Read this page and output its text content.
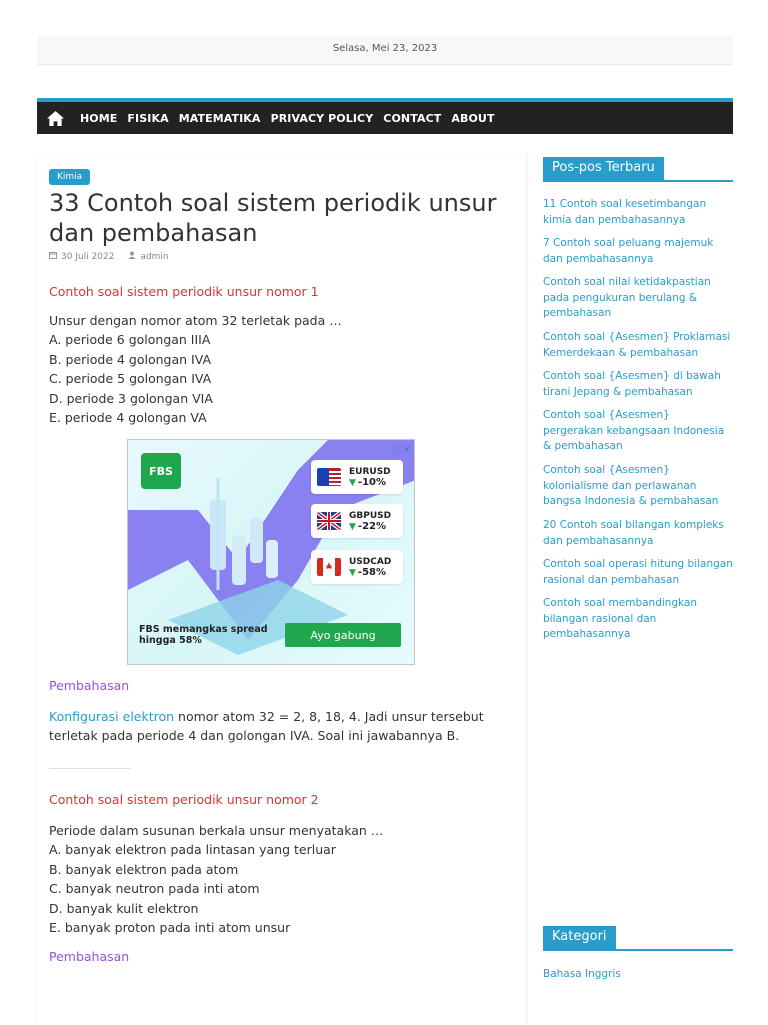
Selasa, Mei 23, 2023
HOME FISIKA MATEMATIKA PRIVACY POLICY CONTACT ABOUT
Kimia
33 Contoh soal sistem periodik unsur dan pembahasan
30 Juli 2022	admin
Contoh soal sistem periodik unsur nomor 1
Unsur dengan nomor atom 32 terletak pada …
A. periode 6 golongan IIIA
B. periode 4 golongan IVA
C. periode 5 golongan IVA
D. periode 3 golongan VIA
E. periode 4 golongan VA
FBS
ⓘ✕
EURUSD
▼ -10%
GBPUSD
▼ -22%
USDCAD
▼ -58%
FBS memangkas spread
hingga 58%	Ayo gabung
Pembahasan
Konfigurasi elektron nomor atom 32 = 2, 8, 18, 4. Jadi unsur tersebut terletak pada periode 4 dan golongan IVA. Soal ini jawabannya B.
Contoh soal sistem periodik unsur nomor 2
Periode dalam susunan berkala unsur menyatakan …
A. banyak elektron pada lintasan yang terluar
B. banyak elektron pada atom
C. banyak neutron pada inti atom
D. banyak kulit elektron
E. banyak proton pada inti atom unsur
Pembahasan
Pos-pos Terbaru
11 Contoh soal kesetimbangan kimia dan pembahasannya
7 Contoh soal peluang majemuk dan pembahasannya
Contoh soal nilai ketidakpastian pada pengukuran berulang & pembahasan
Contoh soal {Asesmen} Proklamasi Kemerdekaan & pembahasan
Contoh soal {Asesmen} di bawah tirani Jepang & pembahasan
Contoh soal {Asesmen} pergerakan kebangsaan Indonesia & pembahasan
Contoh soal {Asesmen} kolonialisme dan perlawanan bangsa Indonesia & pembahasan
20 Contoh soal bilangan kompleks dan pembahasannya
Contoh soal operasi hitung bilangan rasional dan pembahasan
Contoh soal membandingkan bilangan rasional dan pembahasannya
Kategori
Bahasa Inggris
